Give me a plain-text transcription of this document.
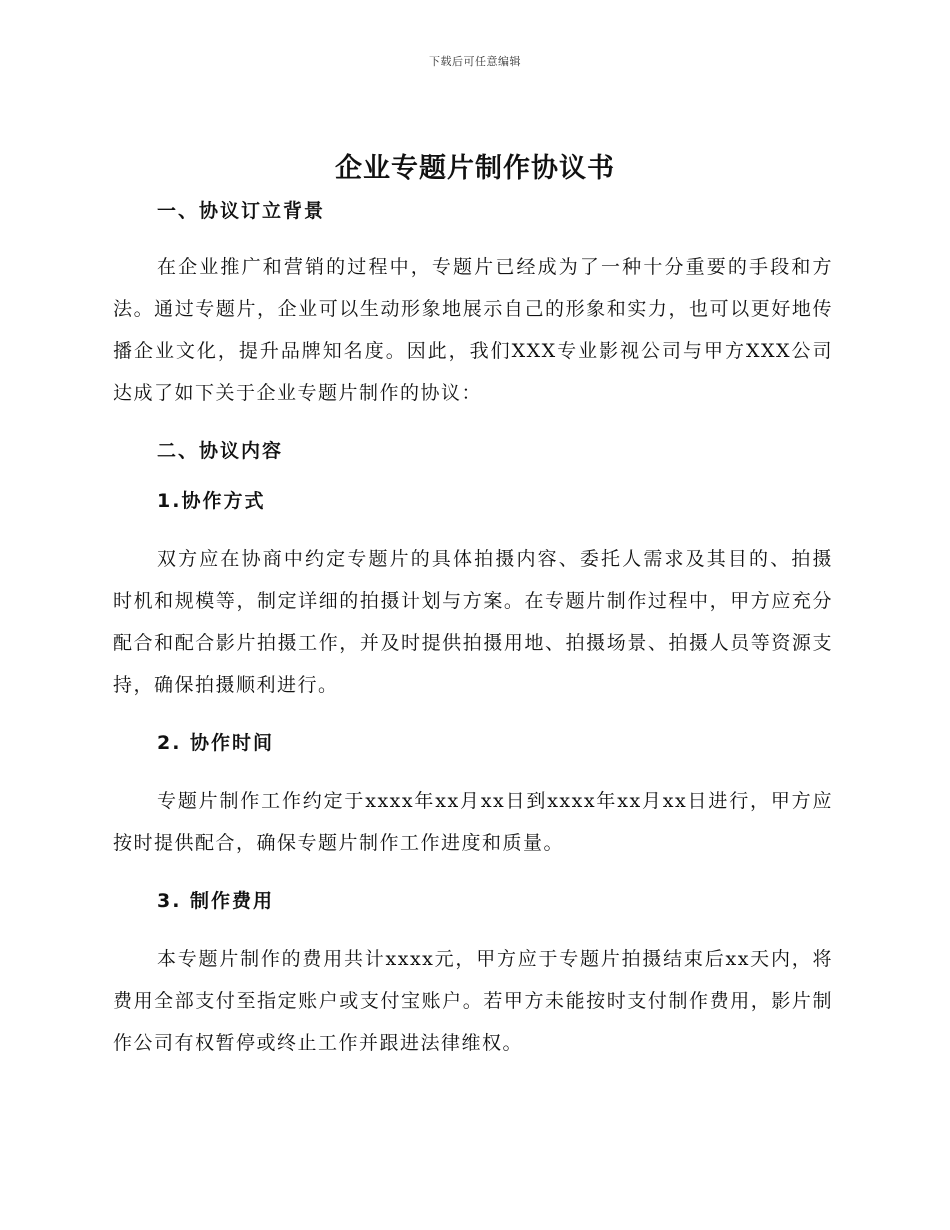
下载后可任意编辑
企业专题片制作协议书
一、协议订立背景

在企业推广和营销的过程中，专题片已经成为了一种十分重要的手段和方法。通过专题片，企业可以生动形象地展示自己的形象和实力，也可以更好地传播企业文化，提升品牌知名度。因此，我们XXX专业影视公司与甲方XXX公司达成了如下关于企业专题片制作的协议：

二、协议内容
1.协作方式

双方应在协商中约定专题片的具体拍摄内容、委托人需求及其目的、拍摄时机和规模等，制定详细的拍摄计划与方案。在专题片制作过程中，甲方应充分配合和配合影片拍摄工作，并及时提供拍摄用地、拍摄场景、拍摄人员等资源支持，确保拍摄顺利进行。

2. 协作时间

专题片制作工作约定于xxxx年xx月xx日到xxxx年xx月xx日进行，甲方应按时提供配合，确保专题片制作工作进度和质量。

3. 制作费用

本专题片制作的费用共计xxxx元，甲方应于专题片拍摄结束后xx天内，将费用全部支付至指定账户或支付宝账户。若甲方未能按时支付制作费用，影片制作公司有权暂停或终止工作并跟进法律维权。
